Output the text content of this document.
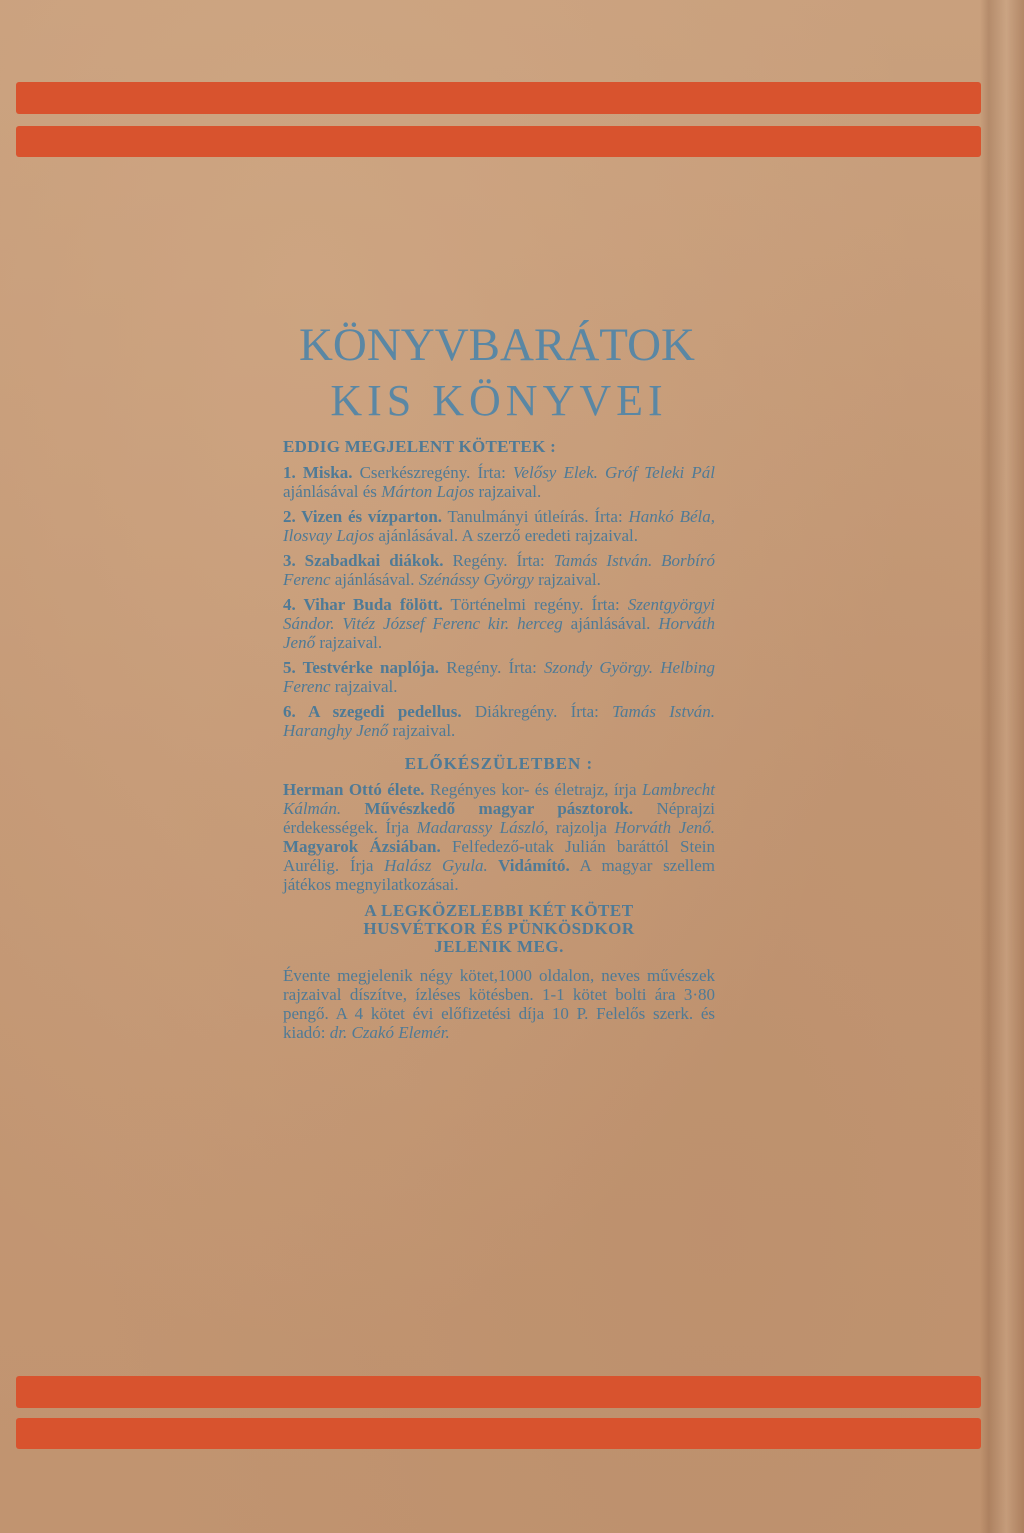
KÖNYVBARÁTOK
KIS KÖNYVEI
EDDIG MEGJELENT KÖTETEK :
1. Miska. Cserkészregény. Írta: Velősy Elek. Gróf Teleki Pál ajánlásával és Márton Lajos rajzaival.
2. Vizen és vízparton. Tanulmányi útleírás. Írta: Hankó Béla, Ilosvay Lajos ajánlásával. A szerző eredeti rajzaival.
3. Szabadkai diákok. Regény. Írta: Tamás István. Borbíró Ferenc ajánlásával. Szénássy György rajzaival.
4. Vihar Buda fölött. Történelmi regény. Írta: Szentgyörgyi Sándor. Vitéz József Ferenc kir. herceg ajánlásával. Horváth Jenő rajzaival.
5. Testvérke naplója. Regény. Írta: Szondy György. Helbing Ferenc rajzaival.
6. A szegedi pedellus. Diákregény. Írta: Tamás István. Haranghy Jenő rajzaival.
ELŐKÉSZÜLETBEN :
Herman Ottó élete. Regényes kor- és életrajz, írja Lambrecht Kálmán. Művészkedő magyar pásztorok. Néprajzi érdekességek. Írja Madarassy László, rajzolja Horváth Jenő. Magyarok Ázsiában. Felfedező-utak Julián baráttól Stein Aurélig. Írja Halász Gyula. Vidámító. A magyar szellem játékos megnyilatkozásai.
A LEGKÖZELEBBI KÉT KÖTET
HUSVÉTKOR ÉS PÜNKÖSDKOR
JELENIK MEG.
Évente megjelenik négy kötet,1000 oldalon, neves művészek rajzaival díszítve, ízléses kötésben. 1-1 kötet bolti ára 3·80 pengő. A 4 kötet évi előfizetési díja 10 P. Felelős szerk. és kiadó: dr. Czakó Elemér.
